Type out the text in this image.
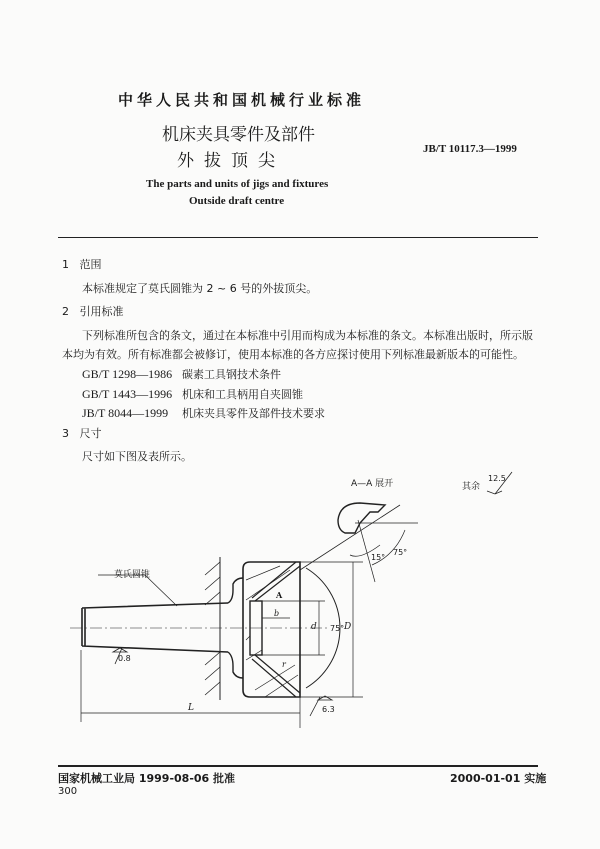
中华人民共和国机械行业标准
机床夹具零件及部件
外拔顶尖
JB/T 10117.3—1999
The parts and units of jigs and fixtures
Outside draft centre
1 范围
本标准规定了莫氏圆锥为 2 ~ 6 号的外拔顶尖。
2 引用标准
下列标准所包含的条文，通过在本标准中引用而构成为本标准的条文。本标准出版时，所示版本均为有效。所有标准都会被修订，使用本标准的各方应探讨使用下列标准最新版本的可能性。
GB/T 1298—1986 碳素工具钢技术条件
GB/T 1443—1996 机床和工具柄用自夹圆锥
JB/T 8044—1999 机床夹具零件及部件技术要求
3 尺寸
尺寸如下图及表所示。
A—A 展开	其余
12.5
莫氏圆锥
0.8
6.3
15°
75°
75°
L
D
d
b
r
A
国家机械工业局 1999-08-06 批准	2000-01-01 实施
300
